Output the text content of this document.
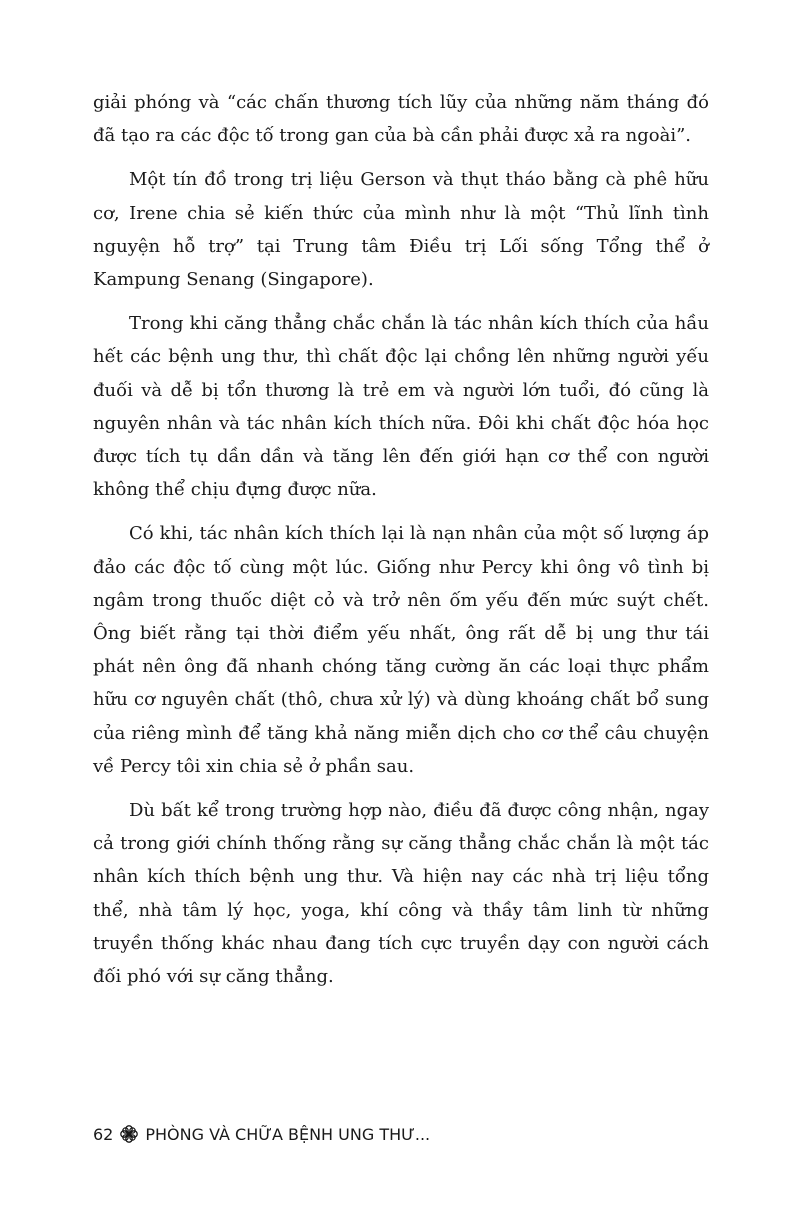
giải phóng và “các chấn thương tích lũy của những năm tháng đó đã tạo ra các độc tố trong gan của bà cần phải được xả ra ngoài”.

Một tín đồ trong trị liệu Gerson và thụt tháo bằng cà phê hữu cơ, Irene chia sẻ kiến thức của mình như là một “Thủ lĩnh tình nguyện hỗ trợ” tại Trung tâm Điều trị Lối sống Tổng thể ở Kampung Senang (Singapore).

Trong khi căng thẳng chắc chắn là tác nhân kích thích của hầu hết các bệnh ung thư, thì chất độc lại chồng lên những người yếu đuối và dễ bị tổn thương là trẻ em và người lớn tuổi, đó cũng là nguyên nhân và tác nhân kích thích nữa. Đôi khi chất độc hóa học được tích tụ dần dần và tăng lên đến giới hạn cơ thể con người không thể chịu đựng được nữa.

Có khi, tác nhân kích thích lại là nạn nhân của một số lượng áp đảo các độc tố cùng một lúc. Giống như Percy khi ông vô tình bị ngâm trong thuốc diệt cỏ và trở nên ốm yếu đến mức suýt chết. Ông biết rằng tại thời điểm yếu nhất, ông rất dễ bị ung thư tái phát nên ông đã nhanh chóng tăng cường ăn các loại thực phẩm hữu cơ nguyên chất (thô, chưa xử lý) và dùng khoáng chất bổ sung của riêng mình để tăng khả năng miễn dịch cho cơ thể câu chuyện về Percy tôi xin chia sẻ ở phần sau.

Dù bất kể trong trường hợp nào, điều đã được công nhận, ngay cả trong giới chính thống rằng sự căng thẳng chắc chắn là một tác nhân kích thích bệnh ung thư. Và hiện nay các nhà trị liệu tổng thể, nhà tâm lý học, yoga, khí công và thầy tâm linh từ những truyền thống khác nhau đang tích cực truyền dạy con người cách đối phó với sự căng thẳng.

62 PHÒNG VÀ CHỮA BỆNH UNG THƯ...
